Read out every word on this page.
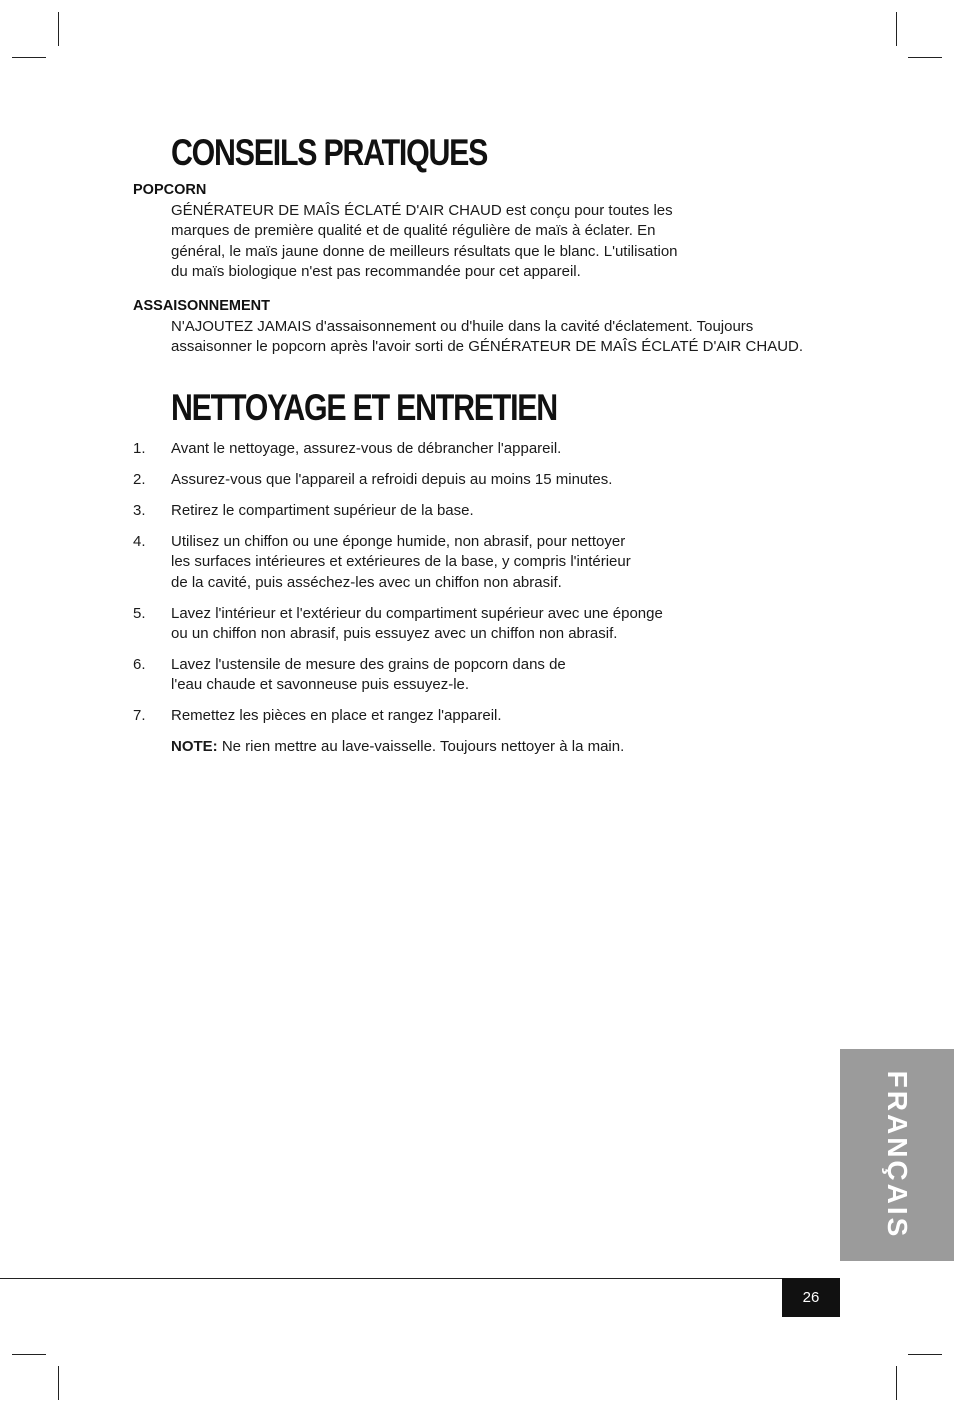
CONSEILS PRATIQUES
POPCORN
GÉNÉRATEUR DE MAÎS ÉCLATÉ D'AIR CHAUD est conçu pour toutes les
marques de première qualité et de qualité régulière de maïs à éclater. En
général, le maïs jaune donne de meilleurs résultats que le blanc. L'utilisation
du maïs biologique n'est pas recommandée pour cet appareil.
ASSAISONNEMENT
N'AJOUTEZ JAMAIS d'assaisonnement ou d'huile dans la cavité d'éclatement. Toujours
assaisonner le popcorn après l'avoir sorti de GÉNÉRATEUR DE MAÎS ÉCLATÉ D'AIR CHAUD.
NETTOYAGE ET ENTRETIEN
1.	Avant le nettoyage, assurez-vous de débrancher l'appareil.
2.	Assurez-vous que l'appareil a refroidi depuis au moins 15 minutes.
3.	Retirez le compartiment supérieur de la base.
4.	Utilisez un chiffon ou une éponge humide, non abrasif, pour nettoyer
les surfaces intérieures et extérieures de la base, y compris l'intérieur
de la cavité, puis asséchez-les avec un chiffon non abrasif.
5.	Lavez l'intérieur et l'extérieur du compartiment supérieur avec une éponge
ou un chiffon non abrasif, puis essuyez avec un chiffon non abrasif.
6.	Lavez l'ustensile de mesure des grains de popcorn dans de
l'eau chaude et savonneuse puis essuyez-le.
7.	Remettez les pièces en place et rangez l'appareil.
NOTE: Ne rien mettre au lave-vaisselle. Toujours nettoyer à la main.
FRANÇAIS
26
